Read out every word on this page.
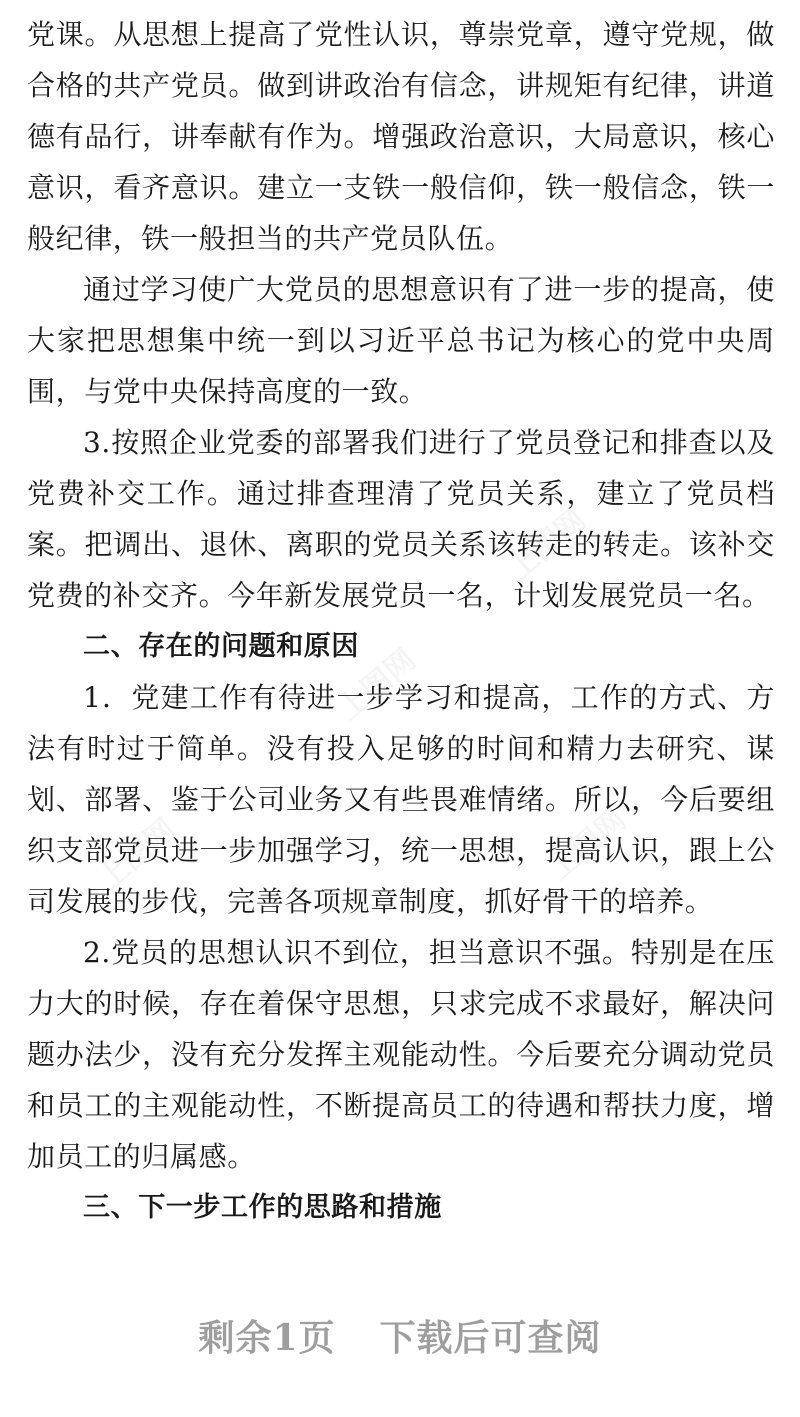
党课。从思想上提高了党性认识，尊崇党章，遵守党规，做合格的共产党员。做到讲政治有信念，讲规矩有纪律，讲道德有品行，讲奉献有作为。增强政治意识，大局意识，核心意识，看齐意识。建立一支铁一般信仰，铁一般信念，铁一般纪律，铁一般担当的共产党员队伍。

通过学习使广大党员的思想意识有了进一步的提高，使大家把思想集中统一到以习近平总书记为核心的党中央周围，与党中央保持高度的一致。

3.按照企业党委的部署我们进行了党员登记和排查以及党费补交工作。通过排查理清了党员关系，建立了党员档案。把调出、退休、离职的党员关系该转走的转走。该补交党费的补交齐。今年新发展党员一名，计划发展党员一名。

二、存在的问题和原因

1．党建工作有待进一步学习和提高，工作的方式、方法有时过于简单。没有投入足够的时间和精力去研究、谋划、部署、鉴于公司业务又有些畏难情绪。所以，今后要组织支部党员进一步加强学习，统一思想，提高认识，跟上公司发展的步伐，完善各项规章制度，抓好骨干的培养。

2.党员的思想认识不到位，担当意识不强。特别是在压力大的时候，存在着保守思想，只求完成不求最好，解决问题办法少，没有充分发挥主观能动性。今后要充分调动党员和员工的主观能动性，不断提高员工的待遇和帮扶力度，增加员工的归属感。

三、下一步工作的思路和措施

剩余1页 下载后可查阅
